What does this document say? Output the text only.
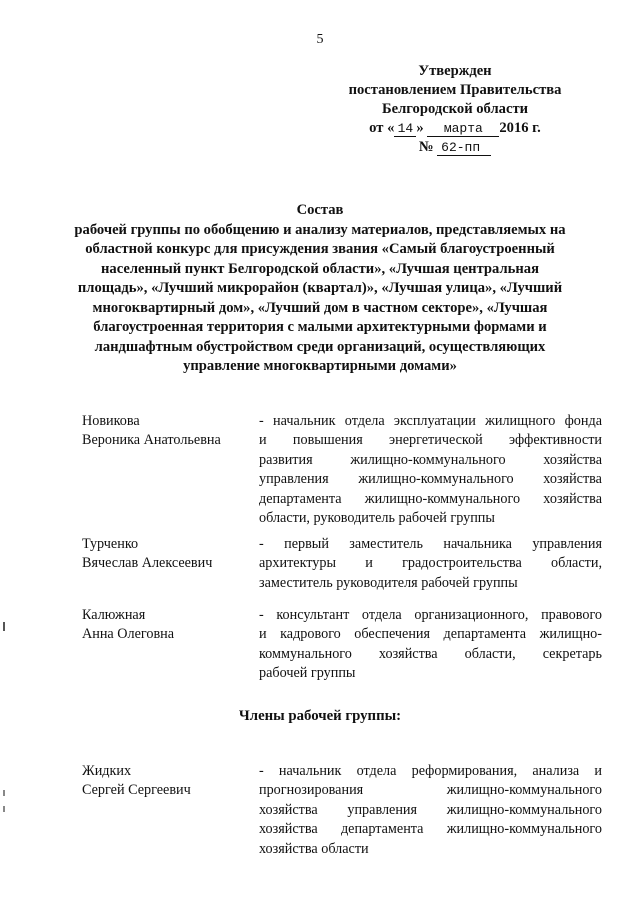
5
Утвержден
постановлением Правительства
Белгородской области
от « 14 » марта 2016 г.
№ 62-пп
Состав
рабочей группы по обобщению и анализу материалов, представляемых на
областной конкурс для присуждения звания «Самый благоустроенный
населенный пункт Белгородской области», «Лучшая центральная
площадь», «Лучший микрорайон (квартал)», «Лучшая улица», «Лучший
многоквартирный дом», «Лучший дом в частном секторе», «Лучшая
благоустроенная территория с малыми архитектурными формами и
ландшафтным обустройством среди организаций, осуществляющих
управление многоквартирными домами»
Новикова
Вероника Анатольевна
- начальник отдела эксплуатации жилищного фонда
и повышения энергетической эффективности
развития жилищно-коммунального хозяйства
управления жилищно-коммунального хозяйства
департамента жилищно-коммунального хозяйства
области, руководитель рабочей группы
Турченко
Вячеслав Алексеевич
- первый заместитель начальника управления
архитектуры и градостроительства области,
заместитель руководителя рабочей группы
Калюжная
Анна Олеговна
- консультант отдела организационного, правового
и кадрового обеспечения департамента жилищно-
коммунального хозяйства области, секретарь
рабочей группы
Члены рабочей группы:
Жидких
Сергей Сергеевич
- начальник отдела реформирования, анализа и
прогнозирования жилищно-коммунального
хозяйства управления жилищно-коммунального
хозяйства департамента жилищно-коммунального
хозяйства области
